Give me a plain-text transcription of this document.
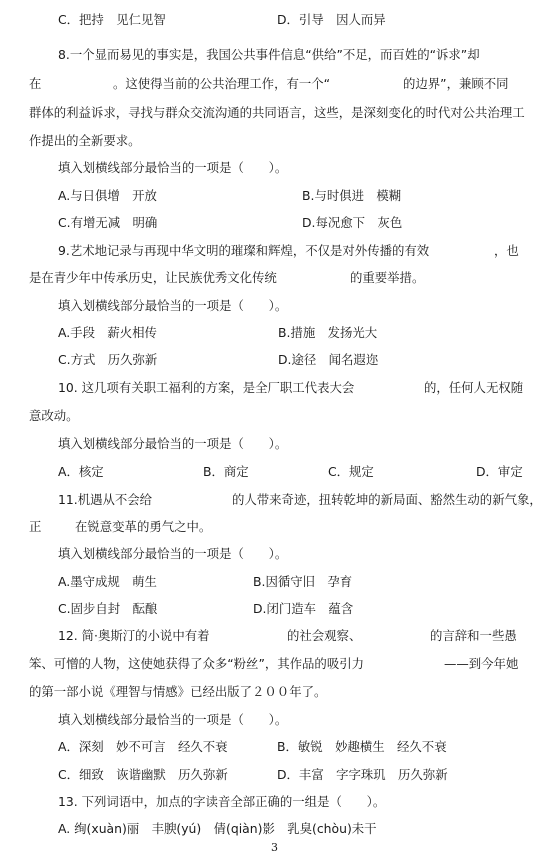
C．把持　见仁见智	D．引导　因人而异
8.一个显而易见的事实是，我国公共事件信息“供给”不足，而百姓的“诉求”却
在	。这使得当前的公共治理工作，有一个“	的边界”，兼顾不同
群体的利益诉求，寻找与群众交流沟通的共同语言，这些，是深刻变化的时代对公共治理工
作提出的全新要求。
填入划横线部分最恰当的一项是（　　）。
A.与日俱增　开放	B.与时俱进　模糊
C.有增无减　明确	D.每况愈下　灰色
9.艺术地记录与再现中华文明的璀璨和辉煌，不仅是对外传播的有效	，也
是在青少年中传承历史，让民族优秀文化传统	的重要举措。
填入划横线部分最恰当的一项是（　　）。
A.手段　薪火相传	B.措施　发扬光大
C.方式　历久弥新	D.途径　闻名遐迩
10. 这几项有关职工福利的方案，是全厂职工代表大会	的，任何人无权随
意改动。
填入划横线部分最恰当的一项是（　　）。
A．核定	B．商定	C．规定	D．审定
11.机遇从不会给	的人带来奇迹，扭转乾坤的新局面、豁然生动的新气象，
正	在锐意变革的勇气之中。
填入划横线部分最恰当的一项是（　　）。
A.墨守成规　萌生	B.因循守旧　孕育
C.固步自封　酝酿	D.闭门造车　蕴含
12. 简·奥斯汀的小说中有着	的社会观察、	的言辞和一些愚
笨、可憎的人物，这使她获得了众多“粉丝”，其作品的吸引力	——到今年她
的第一部小说《理智与情感》已经出版了２００年了。
填入划横线部分最恰当的一项是（　　）。
A．深刻　妙不可言　经久不衰	B．敏锐　妙趣横生　经久不衰
C．细致　诙谐幽默　历久弥新	D．丰富　字字珠玑　历久弥新
13. 下列词语中，加点的字读音全部正确的一组是（　　）。
A. 绚(xuàn)丽　丰腴(yú)　倩(qiàn)影　乳臭(chòu)未干
3
